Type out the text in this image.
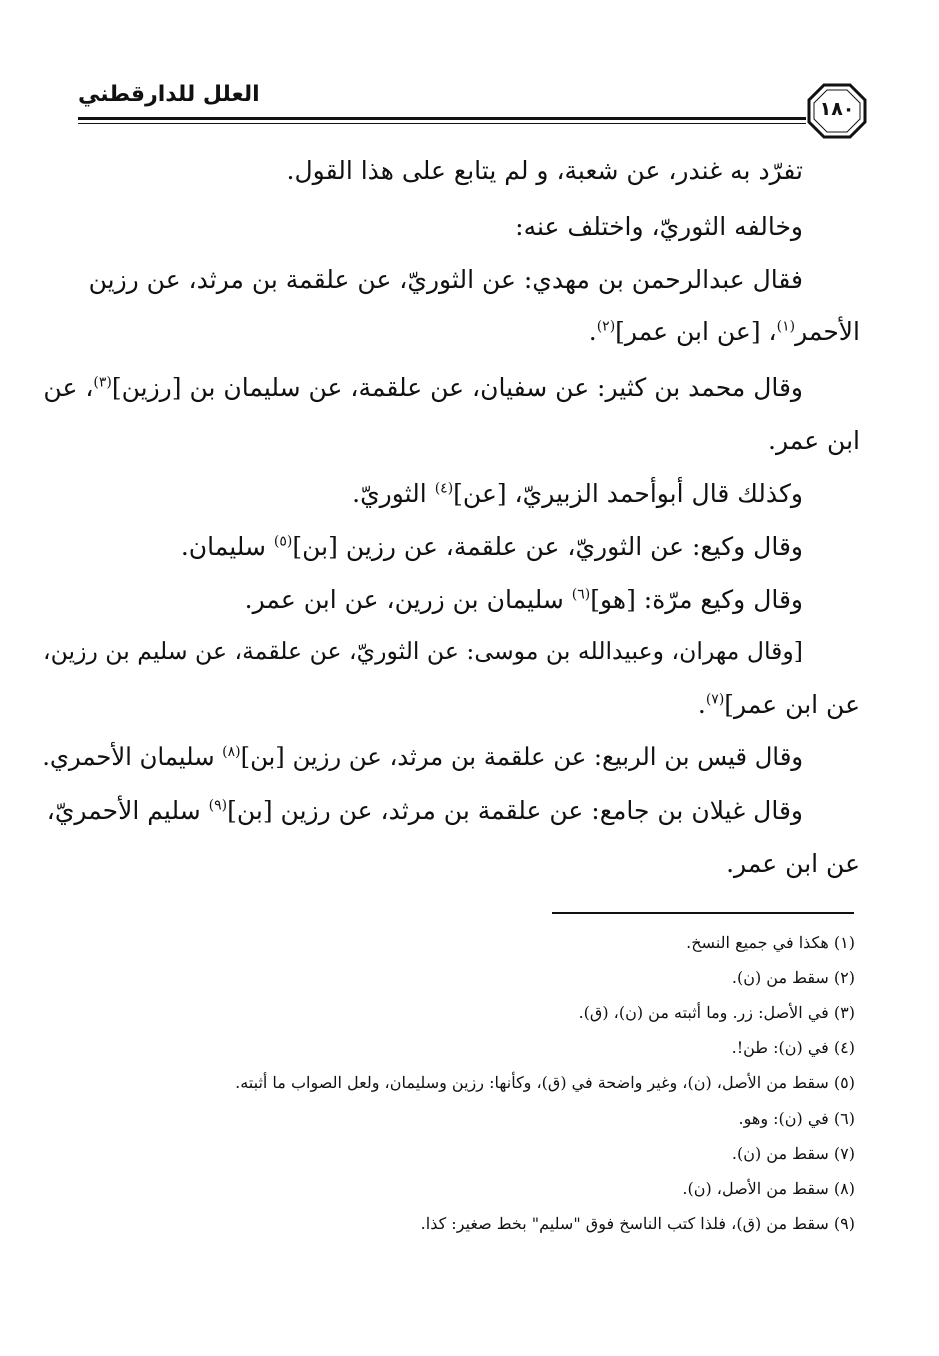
العلل للدارقطني
١٨٠
تفرّد به غندر، عن شعبة، و لم يتابع على هذا القول.
وخالفه الثوريّ، واختلف عنه:
فقال عبدالرحمن بن مهدي: عن الثوريّ، عن علقمة بن مرثد، عن رزين
الأحمر$^{(١)}$، [عن ابن عمر]$^{(٢)}$.
وقال محمد بن كثير: عن سفيان، عن علقمة، عن سليمان بن [رزين]$^{(٣)}$، عن
ابن عمر.
وكذلك قال أبوأحمد الزبيريّ، [عن]$^{(٤)}$ الثوريّ.
وقال وكيع: عن الثوريّ، عن علقمة، عن رزين [بن]$^{(٥)}$ سليمان.
وقال وكيع مرّة: [هو]$^{(٦)}$ سليمان بن زرين، عن ابن عمر.
[وقال مهران، وعبيدالله بن موسى: عن الثوريّ، عن علقمة، عن سليم بن رزين،
عن ابن عمر]$^{(٧)}$.
وقال قيس بن الربيع: عن علقمة بن مرثد، عن رزين [بن]$^{(٨)}$ سليمان الأحمري.
وقال غيلان بن جامع: عن علقمة بن مرثد، عن رزين [بن]$^{(٩)}$ سليم الأحمريّ،
عن ابن عمر.
(١) هكذا في جميع النسخ.
(٢) سقط من (ن).
(٣) في الأصل: زر. وما أثبته من (ن)، (ق).
(٤) في (ن): طن!.
(٥) سقط من الأصل، (ن)، وغير واضحة في (ق)، وكأنها: رزين وسليمان، ولعل الصواب ما أثبته.
(٦) في (ن): وهو.
(٧) سقط من (ن).
(٨) سقط من الأصل، (ن).
(٩) سقط من (ق)، فلذا كتب الناسخ فوق "سليم" بخط صغير: كذا.
